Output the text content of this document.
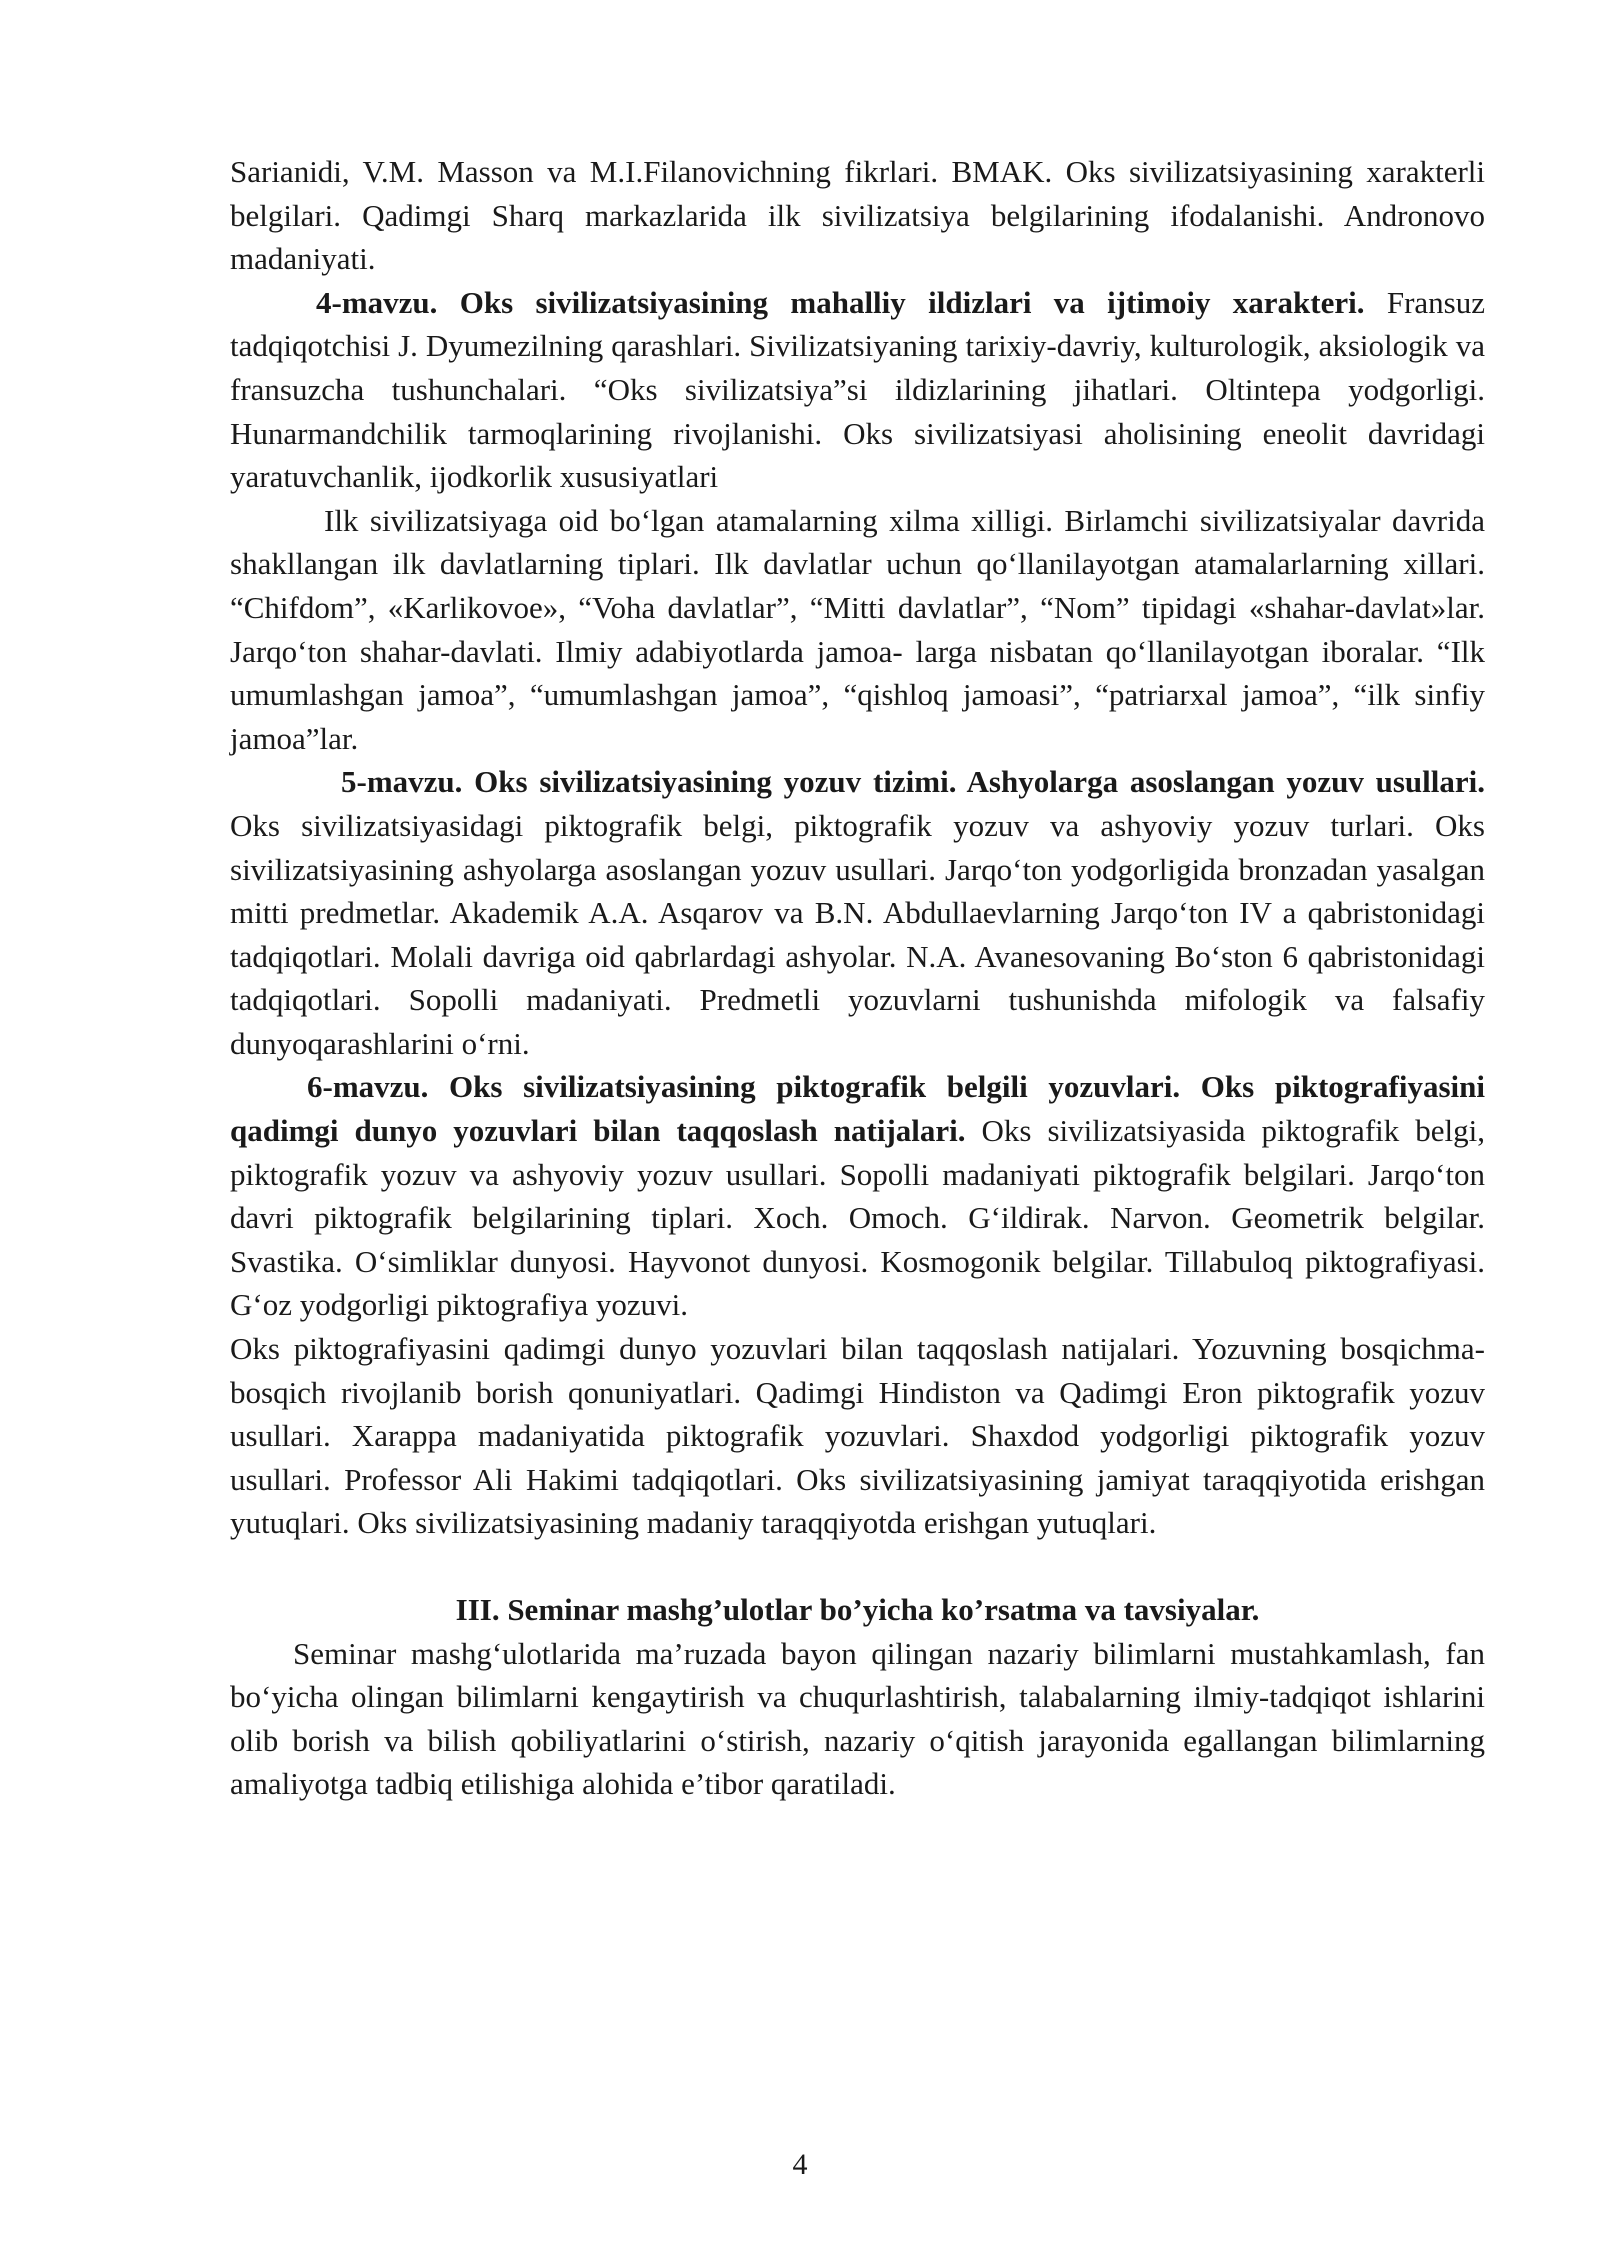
Sarianidi, V.M. Masson va M.I.Filanovichning fikrlari. BMAK. Oks sivilizatsiyasining xarakterli belgilari. Qadimgi Sharq markazlarida ilk sivilizatsiya belgilarining ifodalanishi. Andronovo madaniyati.

4-mavzu. Oks sivilizatsiyasining mahalliy ildizlari va ijtimoiy xarakteri. Fransuz tadqiqotchisi J. Dyumezilning qarashlari. Sivilizatsiyaning tarixiy-davriy, kulturologik, aksiologik va fransuzcha tushunchalari. “Oks sivilizatsiya”si ildizlarining jihatlari. Oltintepa yodgorligi. Hunarmandchilik tarmoqlarining rivojlanishi. Oks sivilizatsiyasi aholisining eneolit davridagi yaratuvchanlik, ijodkorlik xususiyatlari

Ilk sivilizatsiyaga oid bo‘lgan atamalarning xilma xilligi. Birlamchi sivilizatsiyalar davrida shakllangan ilk davlatlarning tiplari. Ilk davlatlar uchun qo‘llanilayotgan atamalarlarning xillari. “Chifdom”, «Karlikovoe», “Voha davlatlar”, “Mitti davlatlar”, “Nom” tipidagi «shahar-davlat»lar. Jarqo‘ton shahar-davlati. Ilmiy adabiyotlarda jamoa- larga nisbatan qo‘llanilayotgan iboralar. “Ilk umumlashgan jamoa”, “umumlashgan jamoa”, “qishloq jamoasi”, “patriarxal jamoa”, “ilk sinfiy jamoa”lar.

5-mavzu. Oks sivilizatsiyasining yozuv tizimi. Ashyolarga asoslangan yozuv usullari. Oks sivilizatsiyasidagi piktografik belgi, piktografik yozuv va ashyoviy yozuv turlari. Oks sivilizatsiyasining ashyolarga asoslangan yozuv usullari. Jarqo‘ton yodgorligida bronzadan yasalgan mitti predmetlar. Akademik A.A. Asqarov va B.N. Abdullaevlarning Jarqo‘ton IV a qabristonidagi tadqiqotlari. Molali davriga oid qabrlardagi ashyolar. N.A. Avanesovaning Bo‘ston 6 qabristonidagi tadqiqotlari. Sopolli madaniyati. Predmetli yozuvlarni tushunishda mifologik va falsafiy dunyoqarashlarini o‘rni.

6-mavzu. Oks sivilizatsiyasining piktografik belgili yozuvlari. Oks piktografiyasini qadimgi dunyo yozuvlari bilan taqqoslash natijalari. Oks sivilizatsiyasida piktografik belgi, piktografik yozuv va ashyoviy yozuv usullari. Sopolli madaniyati piktografik belgilari. Jarqo‘ton davri piktografik belgilarining tiplari. Xoch. Omoch. G‘ildirak. Narvon. Geometrik belgilar. Svastika. O‘simliklar dunyosi. Hayvonot dunyosi. Kosmogonik belgilar. Tillabuloq piktografiyasi. G‘oz yodgorligi piktografiya yozuvi.

Oks piktografiyasini qadimgi dunyo yozuvlari bilan taqqoslash natijalari. Yozuvning bosqichma-bosqich rivojlanib borish qonuniyatlari. Qadimgi Hindiston va Qadimgi Eron piktografik yozuv usullari. Xarappa madaniyatida piktografik yozuvlari. Shaxdod yodgorligi piktografik yozuv usullari. Professor Ali Hakimi tadqiqotlari. Oks sivilizatsiyasining jamiyat taraqqiyotida erishgan yutuqlari. Oks sivilizatsiyasining madaniy taraqqiyotda erishgan yutuqlari.

III. Seminar mashg’ulotlar bo’yicha ko’rsatma va tavsiyalar.

Seminar mashg‘ulotlarida ma’ruzada bayon qilingan nazariy bilimlarni mustahkamlash, fan bo‘yicha olingan bilimlarni kengaytirish va chuqurlashtirish, talabalarning ilmiy-tadqiqot ishlarini olib borish va bilish qobiliyatlarini o‘stirish, nazariy o‘qitish jarayonida egallangan bilimlarning amaliyotga tadbiq etilishiga alohida e’tibor qaratiladi.

4
